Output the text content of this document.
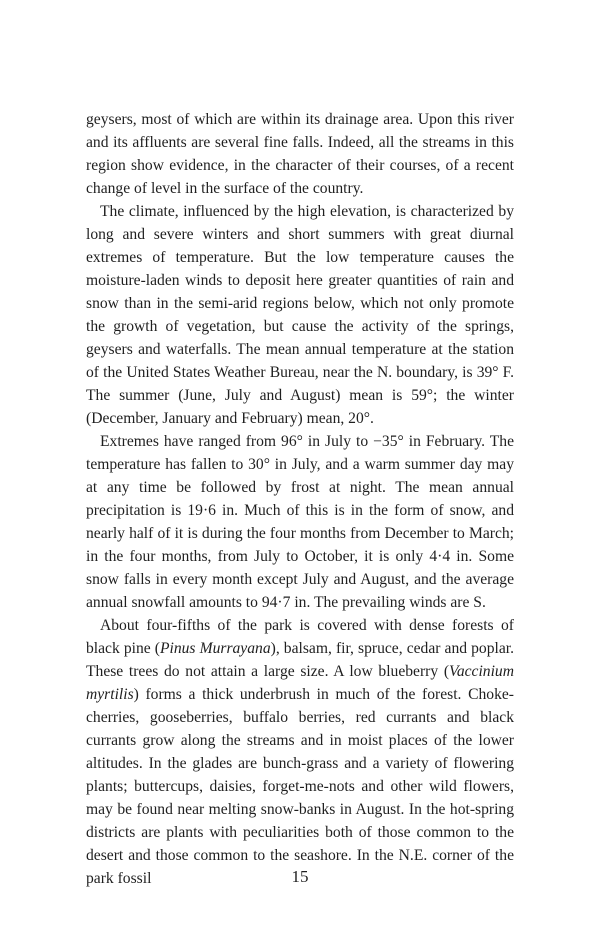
geysers, most of which are within its drainage area. Upon this river and its affluents are several fine falls. Indeed, all the streams in this region show evidence, in the character of their courses, of a recent change of level in the surface of the country.

The climate, influenced by the high elevation, is characterized by long and severe winters and short summers with great diurnal extremes of temperature. But the low temperature causes the moisture-laden winds to deposit here greater quantities of rain and snow than in the semi-arid regions below, which not only promote the growth of vegetation, but cause the activity of the springs, geysers and waterfalls. The mean annual temperature at the station of the United States Weather Bureau, near the N. boundary, is 39° F. The summer (June, July and August) mean is 59°; the winter (December, January and February) mean, 20°.

Extremes have ranged from 96° in July to −35° in February. The temperature has fallen to 30° in July, and a warm summer day may at any time be followed by frost at night. The mean annual precipitation is 19·6 in. Much of this is in the form of snow, and nearly half of it is during the four months from December to March; in the four months, from July to October, it is only 4·4 in. Some snow falls in every month except July and August, and the average annual snowfall amounts to 94·7 in. The prevailing winds are S.

About four-fifths of the park is covered with dense forests of black pine (Pinus Murrayana), balsam, fir, spruce, cedar and poplar. These trees do not attain a large size. A low blueberry (Vaccinium myrtilis) forms a thick underbrush in much of the forest. Choke-cherries, gooseberries, buffalo berries, red currants and black currants grow along the streams and in moist places of the lower altitudes. In the glades are bunch-grass and a variety of flowering plants; buttercups, daisies, forget-me-nots and other wild flowers, may be found near melting snow-banks in August. In the hot-spring districts are plants with peculiarities both of those common to the desert and those common to the seashore. In the N.E. corner of the park fossil	15
